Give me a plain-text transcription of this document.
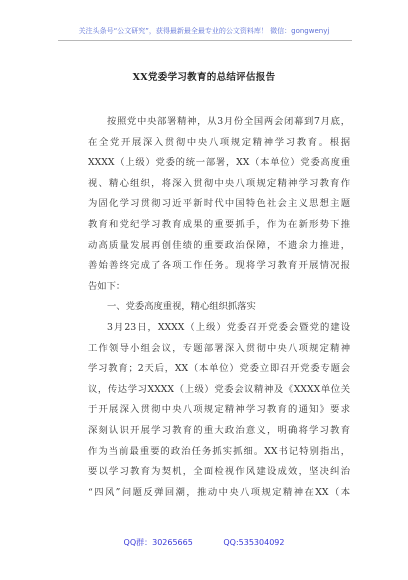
关注头条号“公文研究”，获得最新最全最专业的公文资料库！ 微信：gongwenyj
XX党委学习教育的总结评估报告
按照党中央部署精神，从3月份全国两会闭幕到7月底，
在全党开展深入贯彻中央八项规定精神学习教育。根据
XXXX（上级）党委的统一部署，XX（本单位）党委高度重
视、精心组织，将深入贯彻中央八项规定精神学习教育作
为固化学习贯彻习近平新时代中国特色社会主义思想主题
教育和党纪学习教育成果的重要抓手，作为在新形势下推
动高质量发展再创佳绩的重要政治保障，不遗余力推进，
善始善终完成了各项工作任务。现将学习教育开展情况报
告如下：
一、党委高度重视，精心组织抓落实
3月23日，XXXX（上级）党委召开党委会暨党的建设
工作领导小组会议，专题部署深入贯彻中央八项规定精神
学习教育；2天后，XX（本单位）党委立即召开党委专题会
议，传达学习XXXX（上级）党委会议精神及《XXXX单位关
于开展深入贯彻中央八项规定精神学习教育的通知》要求
深刻认识开展学习教育的重大政治意义，明确将学习教育
作为当前最重要的政治任务抓实抓细。XX书记特别指出，
要以学习教育为契机，全面检视作风建设成效，坚决纠治
“四风”问题反弹回潮，推动中央八项规定精神在XX（本
QQ群：30265665	QQ:535304092
